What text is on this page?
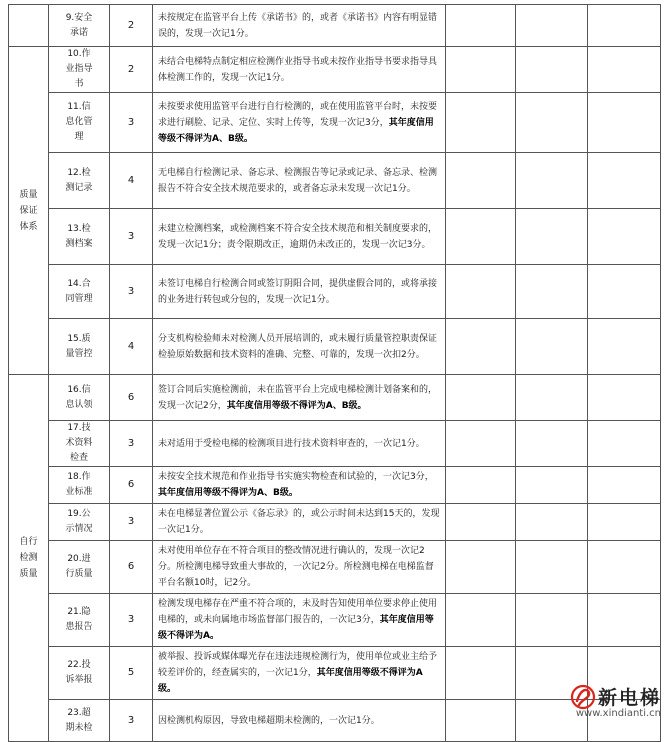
	9.安全承诺	2	未按规定在监管平台上传《承诺书》的，或者《承诺书》内容有明显错误的，发现一次记1分。			
质量保证体系	10.作业指导书	2	未结合电梯特点制定相应检测作业指导书或未按作业指导书要求指导具体检测工作的，发现一次记1分。			
	11.信息化管理	3	未按要求使用监管平台进行自行检测的，或在使用监管平台时，未按要求进行刷脸、记录、定位、实时上传等，发现一次记3分，其年度信用等级不得评为A、B级。			
	12.检测记录	4	无电梯自行检测记录、备忘录、检测报告等记录或记录、备忘录、检测报告不符合安全技术规范要求的，或者备忘录未发现一次记1分。			
	13.检测档案	3	未建立检测档案，或检测档案不符合安全技术规范和相关制度要求的，发现一次记1分；责令限期改正，逾期仍未改正的，发现一次记3分。			
	14.合同管理	3	未签订电梯自行检测合同或签订阴阳合同，提供虚假合同的，或将承接的业务进行转包或分包的，发现一次记1分。			
	15.质量管控	4	分支机构检验师未对检测人员开展培训的，或未履行质量管控职责保证检验原始数据和技术资料的准确、完整、可靠的，发现一次扣2分。			
自行检测质量	16.信息认领	6	签订合同后实施检测前，未在监管平台上完成电梯检测计划备案和的，发现一次记2分，其年度信用等级不得评为A、B级。			
	17.技术资料检查	3	未对适用于受检电梯的检测项目进行技术资料审查的，一次记1分。			
	18.作业标准	6	未按安全技术规范和作业指导书实施实物检查和试验的，一次记3分，其年度信用等级不得评为A、B级。			
	19.公示情况	3	未在电梯显著位置公示《备忘录》的，或公示时间未达到15天的，发现一次记1分。			
	20.进行质量	6	未对使用单位存在不符合项目的整改情况进行确认的，发现一次记2分。所检测电梯导致重大事故的，一次记2分。所检测电梯在电梯监督平台名额10时，记2分。			
	21.隐患报告	3	检测发现电梯存在严重不符合项的，未及时告知使用单位要求停止使用电梯的，或未向属地市场监督部门报告的，一次记3分，其年度信用等级不得评为A。			
	22.投诉举报	5	被举报、投诉或媒体曝光存在违法违规检测行为，使用单位或业主给予较差评价的，经查属实的，一次记1分，其年度信用等级不得评为A级。			
	23.超期未检	3	因检测机构原因，导致电梯超期未检测的，一次记1分。			
新电梯
www.xindianti.cn
